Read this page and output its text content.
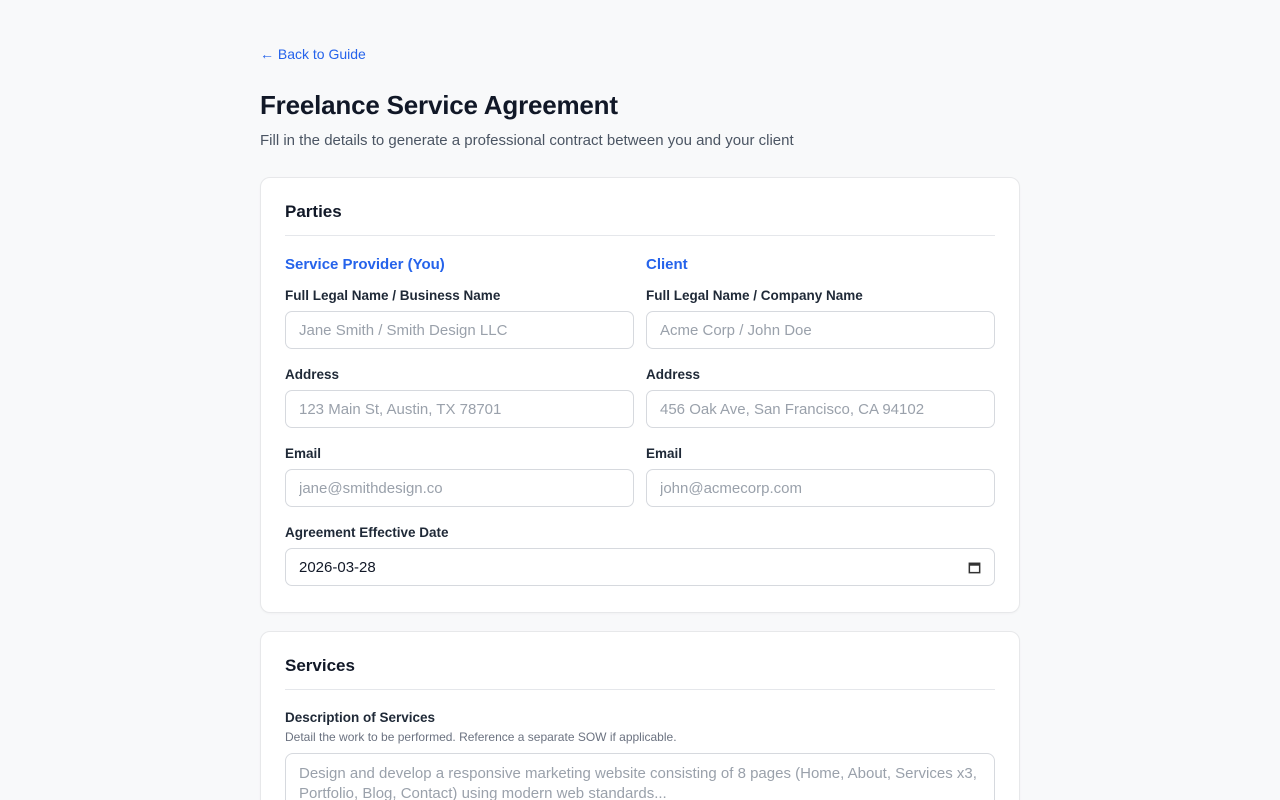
← Back to Guide
Freelance Service Agreement
Fill in the details to generate a professional contract between you and your client
Parties
Service Provider (You)
Full Legal Name / Business Name
Jane Smith / Smith Design LLC
Address
123 Main St, Austin, TX 78701
Email
jane@smithdesign.co
Client
Full Legal Name / Company Name
Acme Corp / John Doe
Address
456 Oak Ave, San Francisco, CA 94102
Email
john@acmecorp.com
Agreement Effective Date
2026-03-28
Services
Description of Services
Detail the work to be performed. Reference a separate SOW if applicable.
Design and develop a responsive marketing website consisting of 8 pages (Home, About, Services x3, Portfolio, Blog, Contact) using modern web standards...
